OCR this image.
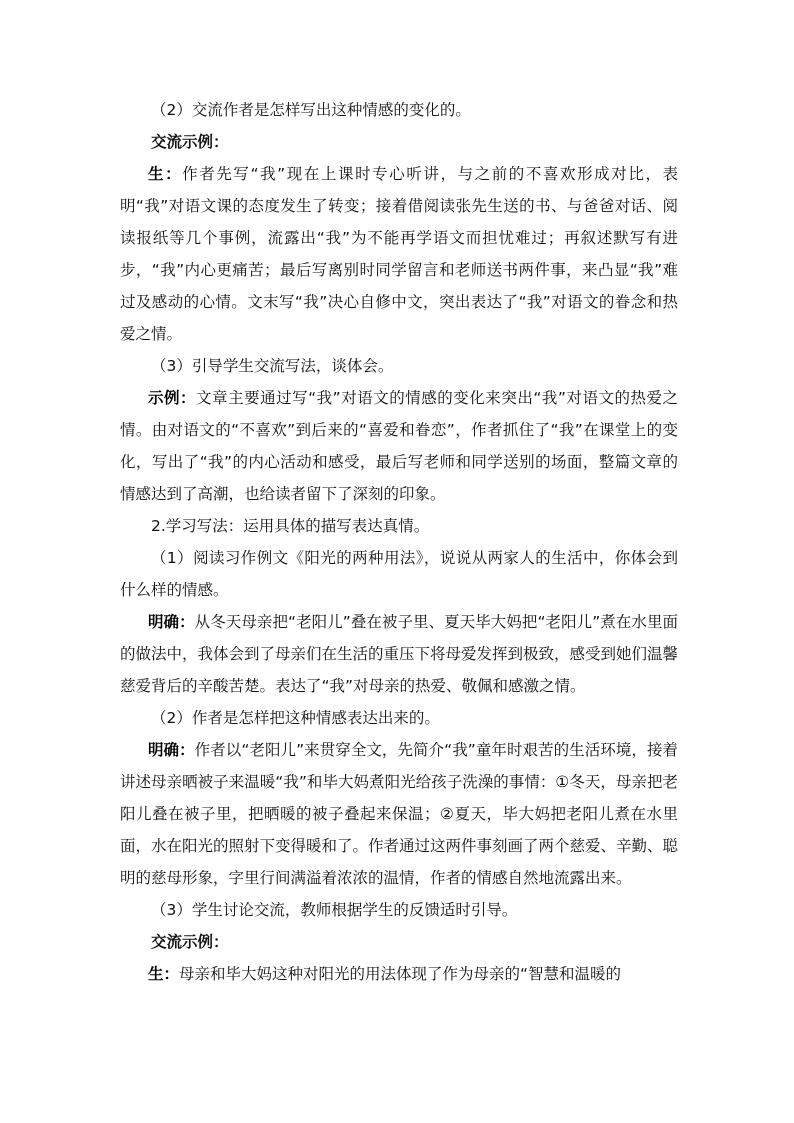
（2）交流作者是怎样写出这种情感的变化的。

交流示例：

生：作者先写“我”现在上课时专心听讲，与之前的不喜欢形成对比，表明“我”对语文课的态度发生了转变；接着借阅读张先生送的书、与爸爸对话、阅读报纸等几个事例，流露出“我”为不能再学语文而担忧难过；再叙述默写有进步，“我”内心更痛苦；最后写离别时同学留言和老师送书两件事，来凸显“我”难过及感动的心情。文末写“我”决心自修中文，突出表达了“我”对语文的眷念和热爱之情。

（3）引导学生交流写法，谈体会。

示例：文章主要通过写“我”对语文的情感的变化来突出“我”对语文的热爱之情。由对语文的“不喜欢”到后来的“喜爱和眷恋”，作者抓住了“我”在课堂上的变化，写出了“我”的内心活动和感受，最后写老师和同学送别的场面，整篇文章的情感达到了高潮，也给读者留下了深刻的印象。

2.学习写法：运用具体的描写表达真情。

（1）阅读习作例文《阳光的两种用法》，说说从两家人的生活中，你体会到什么样的情感。

明确：从冬天母亲把“老阳儿”叠在被子里、夏天毕大妈把“老阳儿”煮在水里面的做法中，我体会到了母亲们在生活的重压下将母爱发挥到极致，感受到她们温馨慈爱背后的辛酸苦楚。表达了“我”对母亲的热爱、敬佩和感激之情。

（2）作者是怎样把这种情感表达出来的。

明确：作者以“老阳儿”来贯穿全文，先简介“我”童年时艰苦的生活环境，接着讲述母亲晒被子来温暖“我”和毕大妈煮阳光给孩子洗澡的事情：①冬天，母亲把老阳儿叠在被子里，把晒暖的被子叠起来保温；②夏天，毕大妈把老阳儿煮在水里面，水在阳光的照射下变得暖和了。作者通过这两件事刻画了两个慈爱、辛勤、聪明的慈母形象，字里行间满溢着浓浓的温情，作者的情感自然地流露出来。

（3）学生讨论交流，教师根据学生的反馈适时引导。

交流示例：

生：母亲和毕大妈这种对阳光的用法体现了作为母亲的“智慧和温暖的
